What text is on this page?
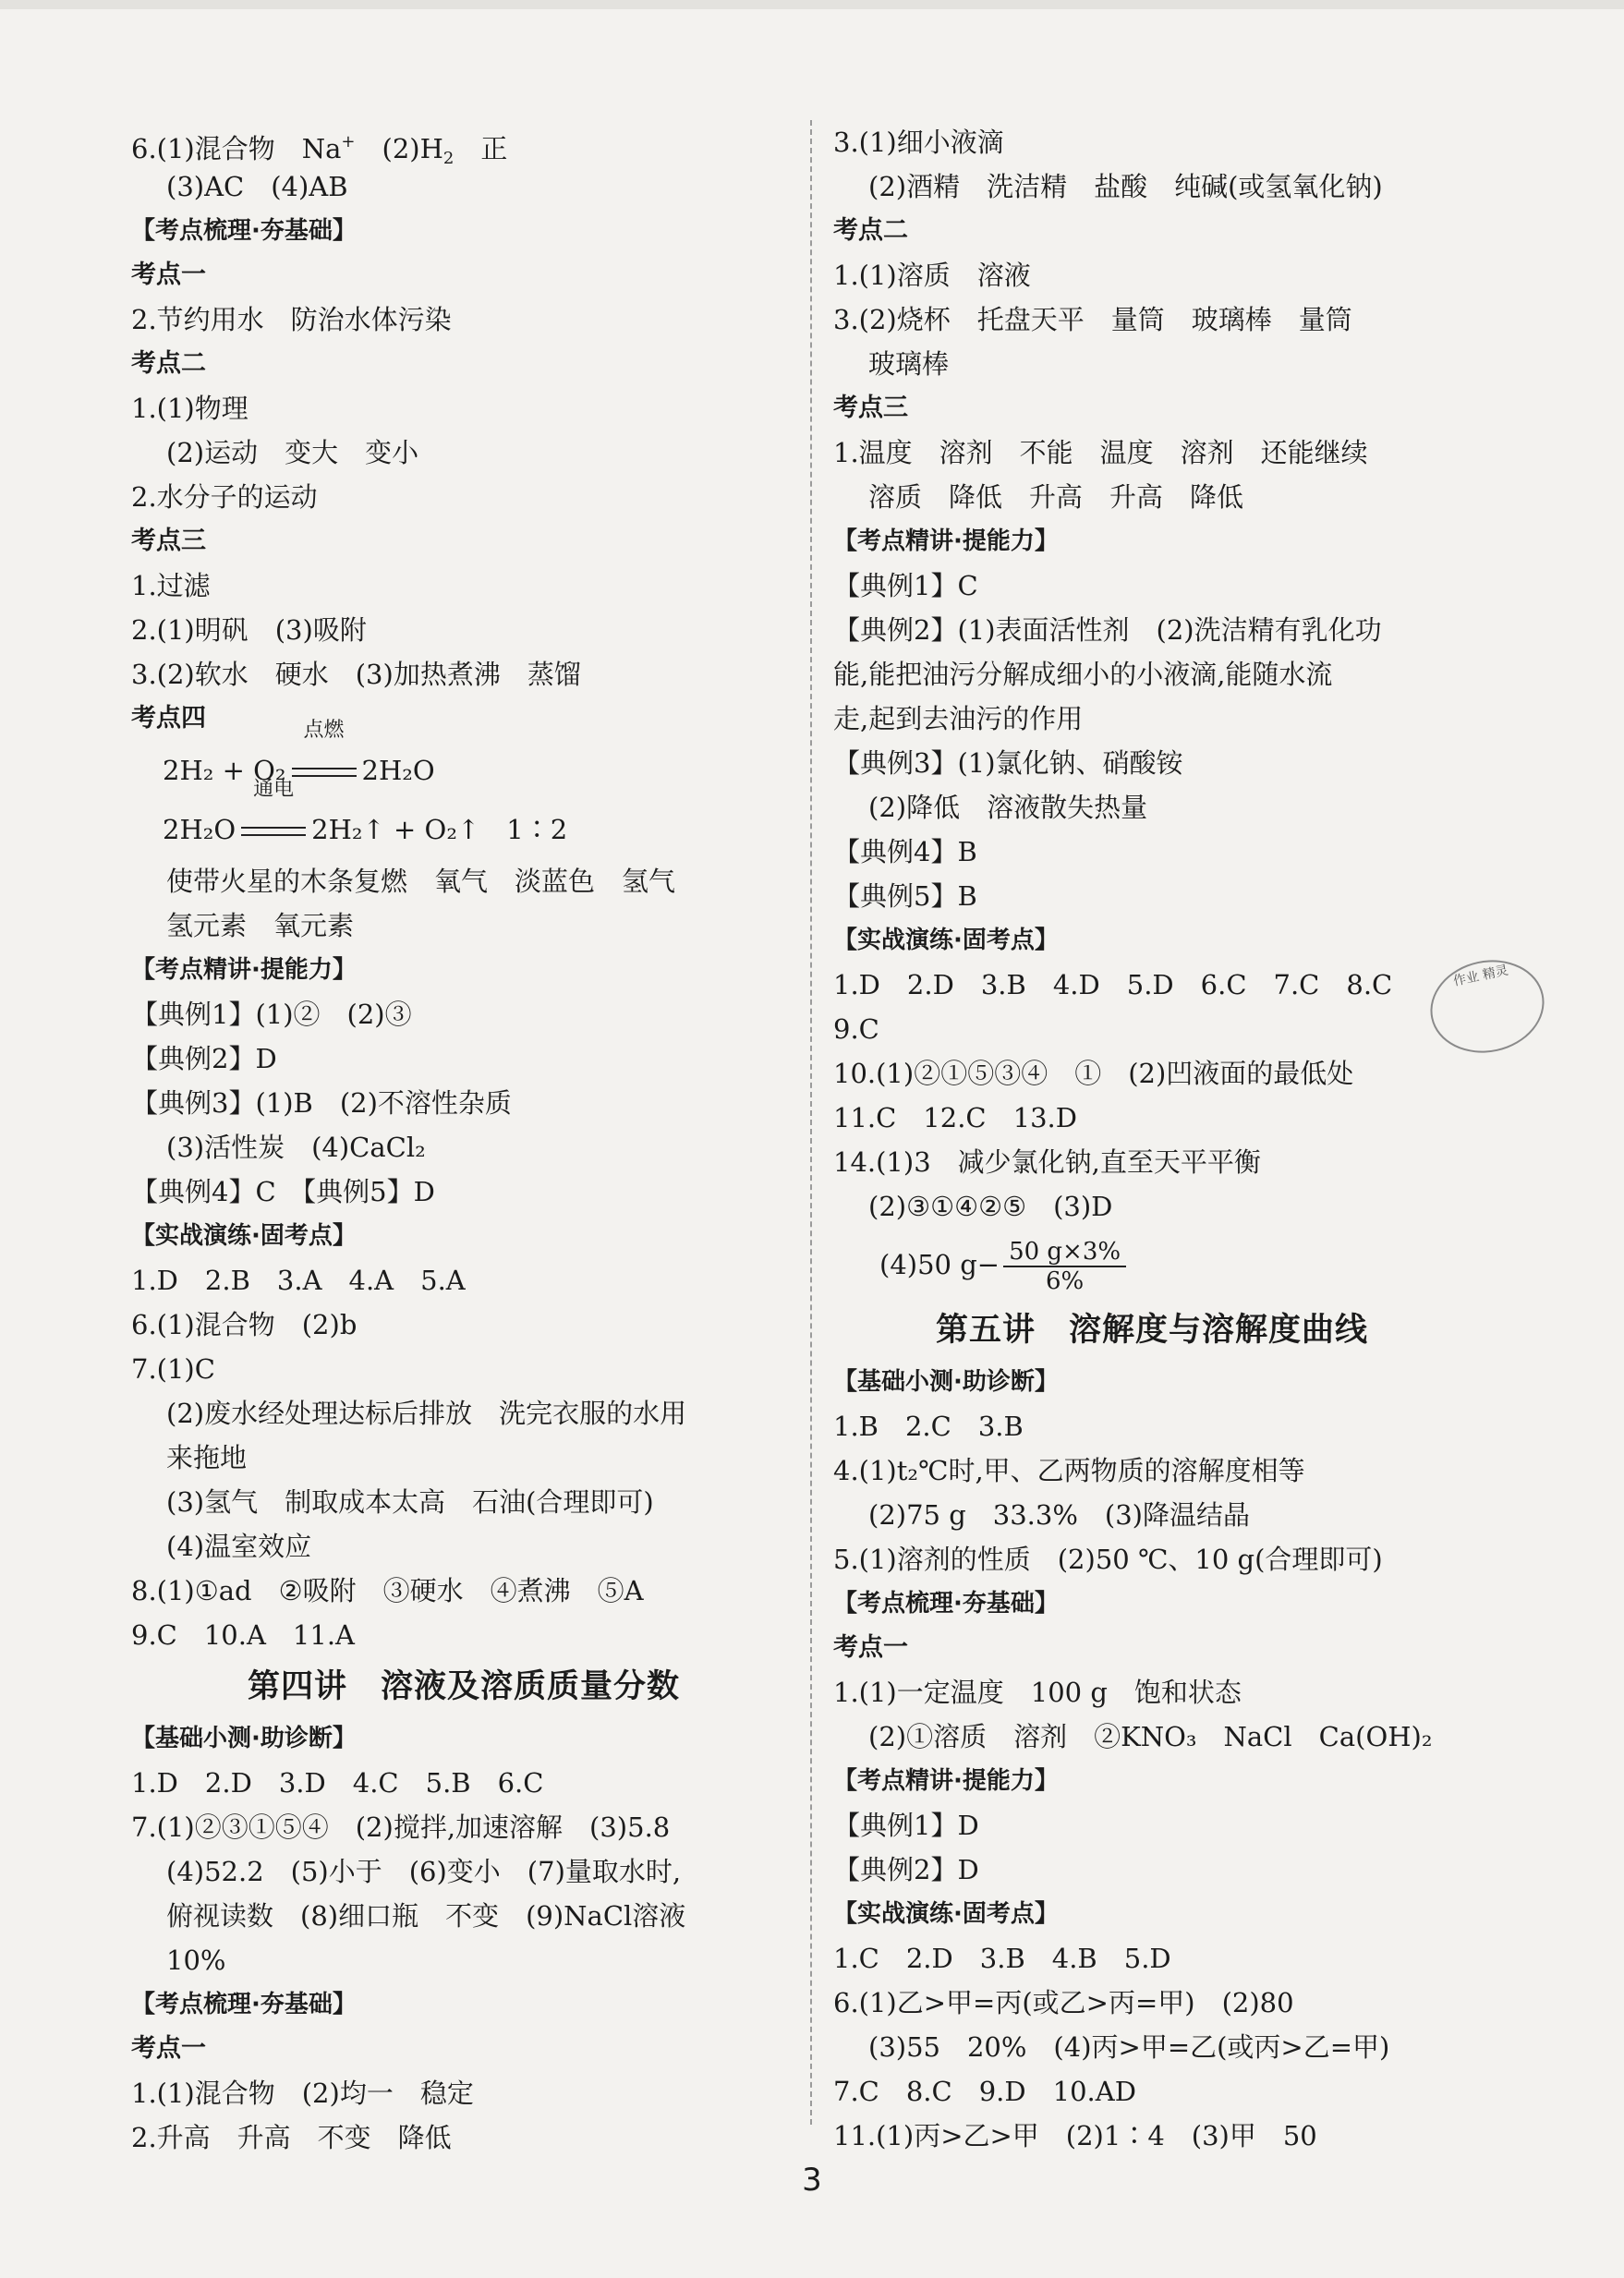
6.(1)混合物　Na+　$(2)H_2$　正
(3)AC　(4)AB
【考点梳理·夯基础】
考点一
2.节约用水　防治水体污染
考点二
1.(1)物理
(2)运动　变大　变小
2.水分子的运动
考点三
1.过滤
2.(1)明矾　(3)吸附
3.(2)软水　硬水　(3)加热煮沸　蒸馏
考点四
2H₂ + O₂
点燃
2H₂O
2H₂O
通电
2H₂↑ + O₂↑　1∶2
使带火星的木条复燃　氧气　淡蓝色　氢气
氢元素　氧元素
【考点精讲·提能力】
【典例1】(1)②　(2)③
【典例2】D
【典例3】(1)B　(2)不溶性杂质
(3)活性炭　(4)CaCl₂
【典例4】C　【典例5】D
【实战演练·固考点】
1.D　2.B　3.A　4.A　5.A
6.(1)混合物　(2)b
7.(1)C
(2)废水经处理达标后排放　洗完衣服的水用
来拖地
(3)氢气　制取成本太高　石油(合理即可)
(4)温室效应
8.(1)①ad　②吸附　③硬水　④煮沸　⑤A
9.C　10.A　11.A
第四讲　溶液及溶质质量分数
【基础小测·助诊断】
1.D　2.D　3.D　4.C　5.B　6.C
7.(1)②③①⑤④　(2)搅拌,加速溶解　(3)5.8
(4)52.2　(5)小于　(6)变小　(7)量取水时,
俯视读数　(8)细口瓶　不变　(9)NaCl溶液
10%
【考点梳理·夯基础】
考点一
1.(1)混合物　(2)均一　稳定
2.升高　升高　不变　降低
3.(1)细小液滴
(2)酒精　洗洁精　盐酸　纯碱(或氢氧化钠)
考点二
1.(1)溶质　溶液
3.(2)烧杯　托盘天平　量筒　玻璃棒　量筒
玻璃棒
考点三
1.温度　溶剂　不能　温度　溶剂　还能继续
溶质　降低　升高　升高　降低
【考点精讲·提能力】
【典例1】C
【典例2】(1)表面活性剂　(2)洗洁精有乳化功
能,能把油污分解成细小的小液滴,能随水流
走,起到去油污的作用
【典例3】(1)氯化钠、硝酸铵
(2)降低　溶液散失热量
【典例4】B
【典例5】B
【实战演练·固考点】
1.D　2.D　3.B　4.D　5.D　6.C　7.C　8.C
9.C
10.(1)②①⑤③④　①　(2)凹液面的最低处
11.C　12.C　13.D
14.(1)3　减少氯化钠,直至天平平衡
(2)③①④②⑤　(3)D
(4)50 $g- \frac{50 g\times 3\%}{6\%}$
第五讲　溶解度与溶解度曲线
【基础小测·助诊断】
1.B　2.C　3.B
4.(1)t₂℃时,甲、乙两物质的溶解度相等
(2)75 g　33.3%　(3)降温结晶
5.(1)溶剂的性质　(2)50 ℃、10 g(合理即可)
【考点梳理·夯基础】
考点一
1.(1)一定温度　100 g　饱和状态
(2)①溶质　溶剂　②KNO₃　NaCl　Ca(OH)₂
【考点精讲·提能力】
【典例1】D
【典例2】D
【实战演练·固考点】
1.C　2.D　3.B　4.B　5.D
6.(1)乙>甲=丙(或乙>丙=甲)　(2)80
(3)55　20%　(4)丙>甲=乙(或丙>乙=甲)
7.C　8.C　9.D　10.AD
11.(1)丙>乙>甲　(2)1∶4　(3)甲　50
作业 精灵
3
